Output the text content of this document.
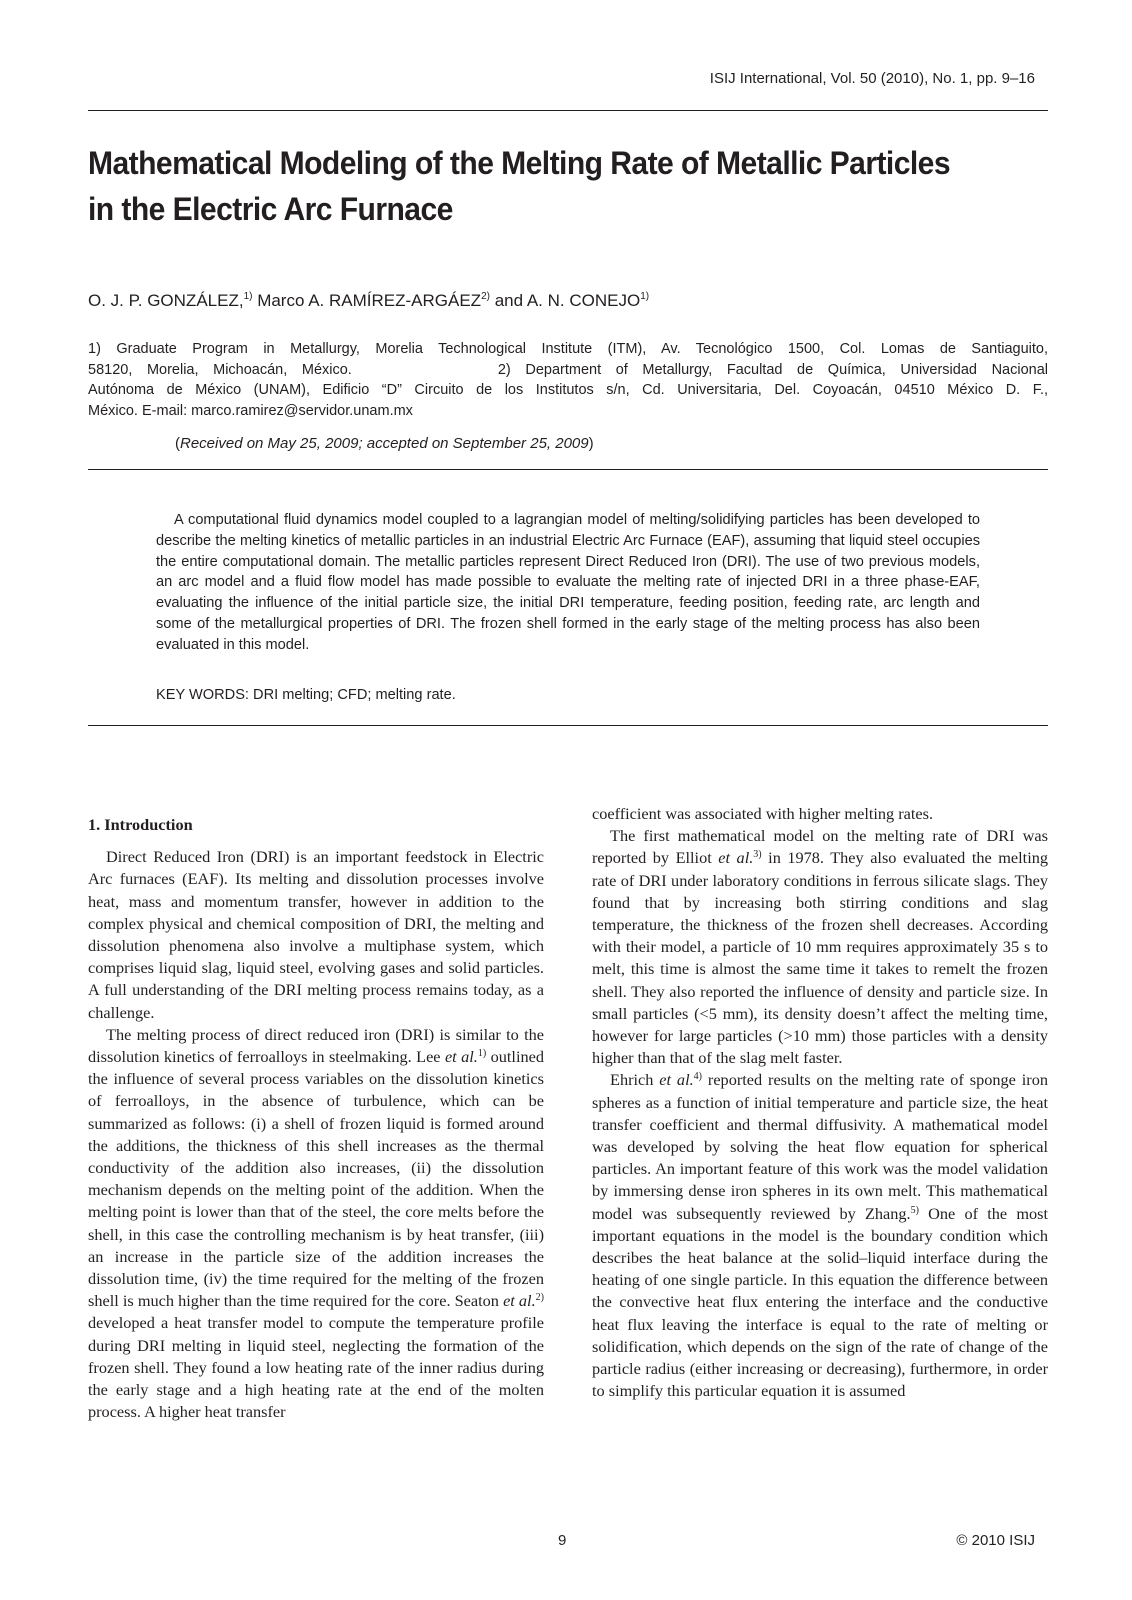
ISIJ International, Vol. 50 (2010), No. 1, pp. 9–16
Mathematical Modeling of the Melting Rate of Metallic Particles
in the Electric Arc Furnace
O. J. P. GONZÁLEZ,$^{1)}$ Marco A. RAMÍREZ-ARGÁEZ$^{2)}$ and A. N. CONEJO$^{1)}$
1) Graduate Program in Metallurgy, Morelia Technological Institute (ITM), Av. Tecnológico 1500, Col. Lomas de Santiaguito,
58120, Morelia, Michoacán, México.          2) Department of Metallurgy, Facultad de Química, Universidad Nacional
Autónoma de México (UNAM), Edificio “D” Circuito de los Institutos s/n, Cd. Universitaria, Del. Coyoacán, 04510 México D. F.,
México. E-mail: marco.ramirez@servidor.unam.mx
(Received on May 25, 2009; accepted on September 25, 2009)

A computational fluid dynamics model coupled to a lagrangian model of melting/solidifying particles has been developed to describe the melting kinetics of metallic particles in an industrial Electric Arc Furnace (EAF), assuming that liquid steel occupies the entire computational domain. The metallic particles represent Direct Reduced Iron (DRI). The use of two previous models, an arc model and a fluid flow model has made possible to evaluate the melting rate of injected DRI in a three phase-EAF, evaluating the influence of the initial particle size, the initial DRI temperature, feeding position, feeding rate, arc length and some of the metallurgical properties of DRI. The frozen shell formed in the early stage of the melting process has also been evaluated in this model.

KEY WORDS: DRI melting; CFD; melting rate.
1. Introduction

Direct Reduced Iron (DRI) is an important feedstock in Electric Arc furnaces (EAF). Its melting and dissolution processes involve heat, mass and momentum transfer, however in addition to the complex physical and chemical composition of DRI, the melting and dissolution phenomena also involve a multiphase system, which comprises liquid slag, liquid steel, evolving gases and solid particles. A full understanding of the DRI melting process remains today, as a challenge.

The melting process of direct reduced iron (DRI) is similar to the dissolution kinetics of ferroalloys in steelmaking. Lee et al.$^{1)}$ outlined the influence of several process variables on the dissolution kinetics of ferroalloys, in the absence of turbulence, which can be summarized as follows: (i) a shell of frozen liquid is formed around the additions, the thickness of this shell increases as the thermal conductivity of the addition also increases, (ii) the dissolution mechanism depends on the melting point of the addition. When the melting point is lower than that of the steel, the core melts before the shell, in this case the controlling mechanism is by heat transfer, (iii) an increase in the particle size of the addition increases the dissolution time, (iv) the time required for the melting of the frozen shell is much higher than the time required for the core. Seaton et al.$^{2)}$ developed a heat transfer model to compute the temperature profile during DRI melting in liquid steel, neglecting the formation of the frozen shell. They found a low heating rate of the inner radius during the early stage and a high heating rate at the end of the molten process. A higher heat transfer

coefficient was associated with higher melting rates.

The first mathematical model on the melting rate of DRI was reported by Elliot et al.$^{3)}$ in 1978. They also evaluated the melting rate of DRI under laboratory conditions in ferrous silicate slags. They found that by increasing both stirring conditions and slag temperature, the thickness of the frozen shell decreases. According with their model, a particle of 10 mm requires approximately 35 s to melt, this time is almost the same time it takes to remelt the frozen shell. They also reported the influence of density and particle size. In small particles (<5 mm), its density doesn’t affect the melting time, however for large particles (>10 mm) those particles with a density higher than that of the slag melt faster.

Ehrich et al.$^{4)}$ reported results on the melting rate of sponge iron spheres as a function of initial temperature and particle size, the heat transfer coefficient and thermal diffusivity. A mathematical model was developed by solving the heat flow equation for spherical particles. An important feature of this work was the model validation by immersing dense iron spheres in its own melt. This mathematical model was subsequently reviewed by Zhang.$^{5)}$ One of the most important equations in the model is the boundary condition which describes the heat balance at the solid–liquid interface during the heating of one single particle. In this equation the difference between the convective heat flux entering the interface and the conductive heat flux leaving the interface is equal to the rate of melting or solidification, which depends on the sign of the rate of change of the particle radius (either increasing or decreasing), furthermore, in order to simplify this particular equation it is assumed

9	© 2010 ISIJ
